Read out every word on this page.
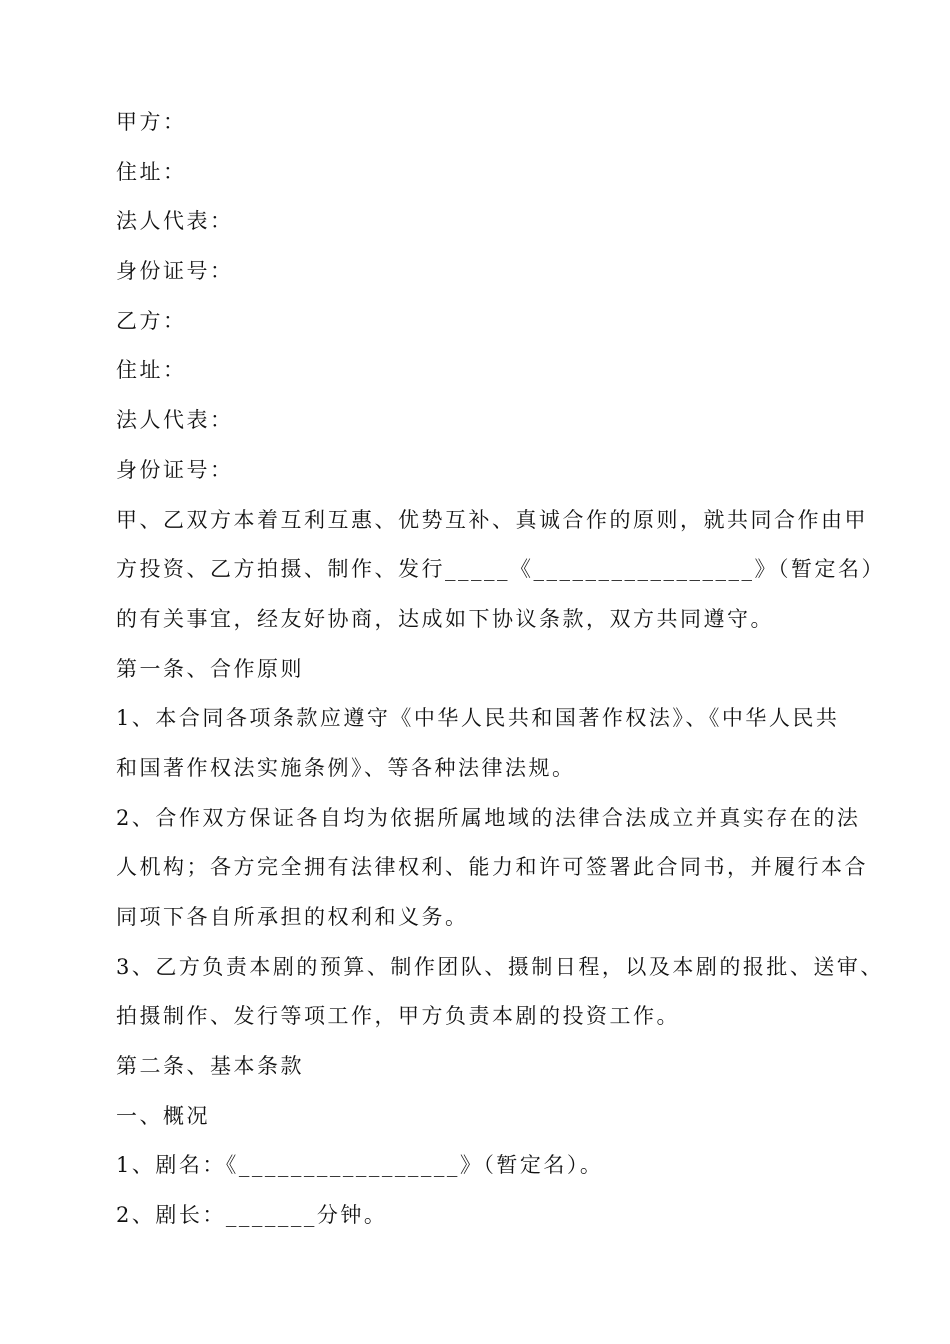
甲方：
住址：
法人代表：
身份证号：
乙方：
住址：
法人代表：
身份证号：
甲、乙双方本着互利互惠、优势互补、真诚合作的原则，就共同合作由甲
方投资、乙方拍摄、制作、发行_____《_________________》（暂定名）
的有关事宜，经友好协商，达成如下协议条款，双方共同遵守。
第一条、合作原则
1、本合同各项条款应遵守《中华人民共和国著作权法》、《中华人民共
和国著作权法实施条例》、等各种法律法规。
2、合作双方保证各自均为依据所属地域的法律合法成立并真实存在的法
人机构；各方完全拥有法律权利、能力和许可签署此合同书，并履行本合
同项下各自所承担的权利和义务。
3、乙方负责本剧的预算、制作团队、摄制日程，以及本剧的报批、送审、
拍摄制作、发行等项工作，甲方负责本剧的投资工作。
第二条、基本条款
一、概况
1、剧名：《_________________》（暂定名）。
2、剧长：_______分钟。
